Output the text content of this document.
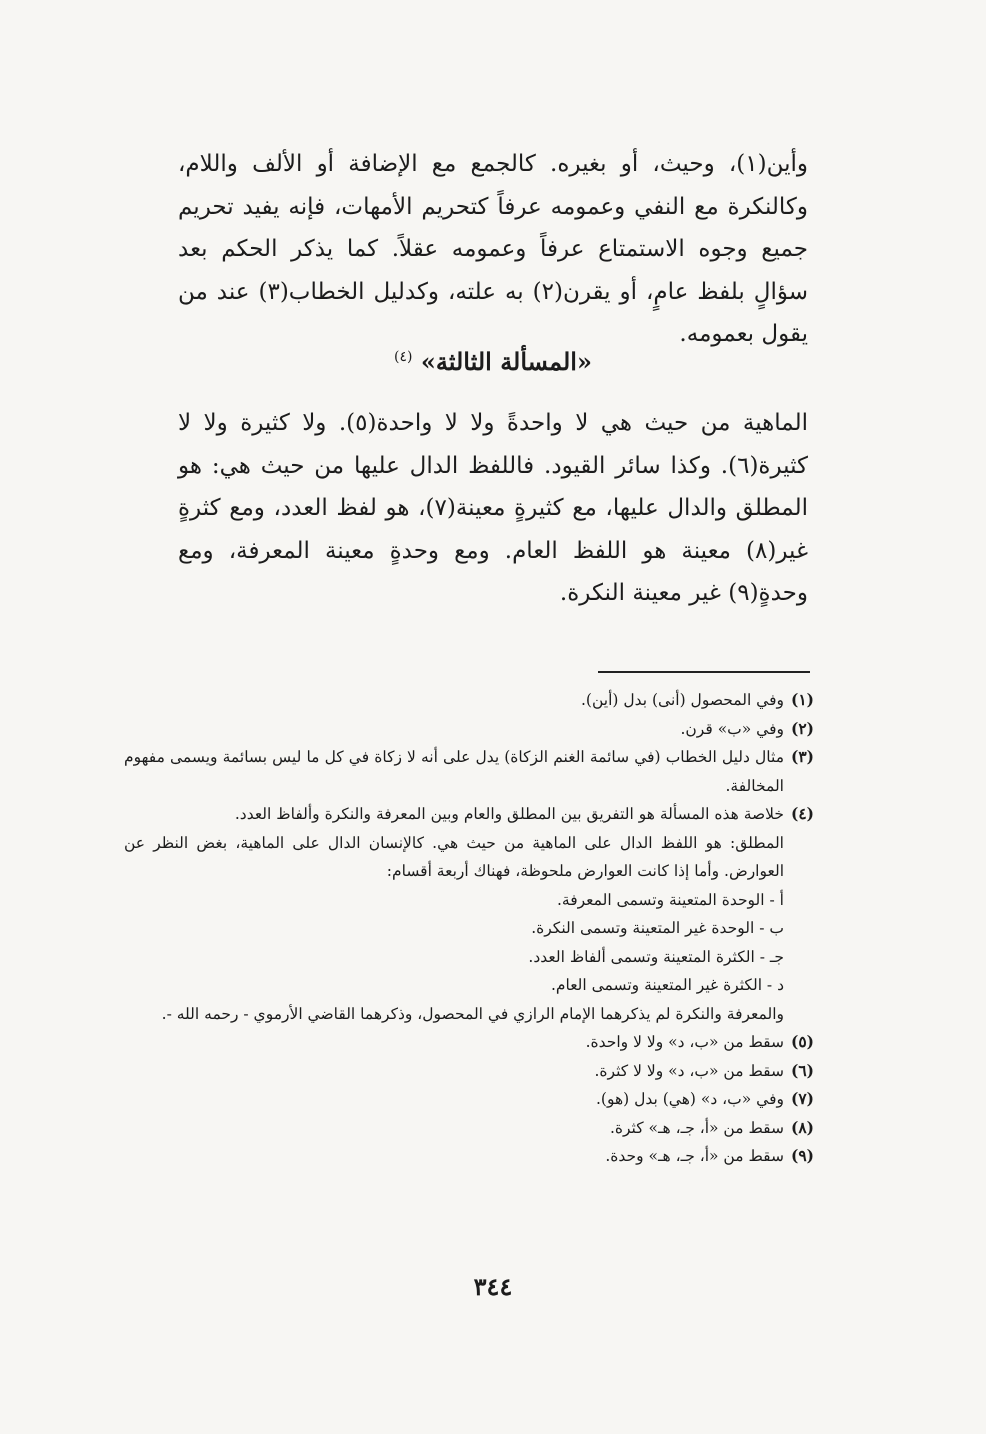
وأين(١)، وحيث، أو بغيره. كالجمع مع الإضافة أو الألف واللام، وكالنكرة مع النفي وعمومه عرفاً كتحريم الأمهات، فإنه يفيد تحريم جميع وجوه الاستمتاع عرفاً وعمومه عقلاً. كما يذكر الحكم بعد سؤالٍ بلفظ عامٍ، أو يقرن(٢) به علته، وكدليل الخطاب(٣) عند من يقول بعمومه.
«المسألة الثالثة» $^{(٤)}$
الماهية من حيث هي لا واحدةً ولا لا واحدة(٥). ولا كثيرة ولا لا كثيرة(٦). وكذا سائر القيود. فاللفظ الدال عليها من حيث هي: هو المطلق والدال عليها، مع كثيرةٍ معينة(٧)، هو لفظ العدد، ومع كثرةٍ غير(٨) معينة هو اللفظ العام. ومع وحدةٍ معينة المعرفة، ومع وحدةٍ(٩) غير معينة النكرة.
(١)
وفي المحصول (أنى) بدل (أين).
(٢)
وفي «ب» قرن.
(٣)
مثال دليل الخطاب (في سائمة الغنم الزكاة) يدل على أنه لا زكاة في كل ما ليس بسائمة ويسمى مفهوم المخالفة.
(٤)
خلاصة هذه المسألة هو التفريق بين المطلق والعام وبين المعرفة والنكرة وألفاظ العدد.
المطلق: هو اللفظ الدال على الماهية من حيث هي. كالإنسان الدال على الماهية، بغض النظر عن العوارض. وأما إذا كانت العوارض ملحوظة، فهناك أربعة أقسام:
أ - الوحدة المتعينة وتسمى المعرفة.
ب - الوحدة غير المتعينة وتسمى النكرة.
جـ - الكثرة المتعينة وتسمى ألفاظ العدد.
د - الكثرة غير المتعينة وتسمى العام.
والمعرفة والنكرة لم يذكرهما الإمام الرازي في المحصول، وذكرهما القاضي الأرموي - رحمه الله -.
(٥)
سقط من «ب، د» ولا لا واحدة.
(٦)
سقط من «ب، د» ولا لا كثرة.
(٧)
وفي «ب، د» (هي) بدل (هو).
(٨)
سقط من «أ، جـ، هـ» كثرة.
(٩)
سقط من «أ، جـ، هـ» وحدة.
٣٤٤
